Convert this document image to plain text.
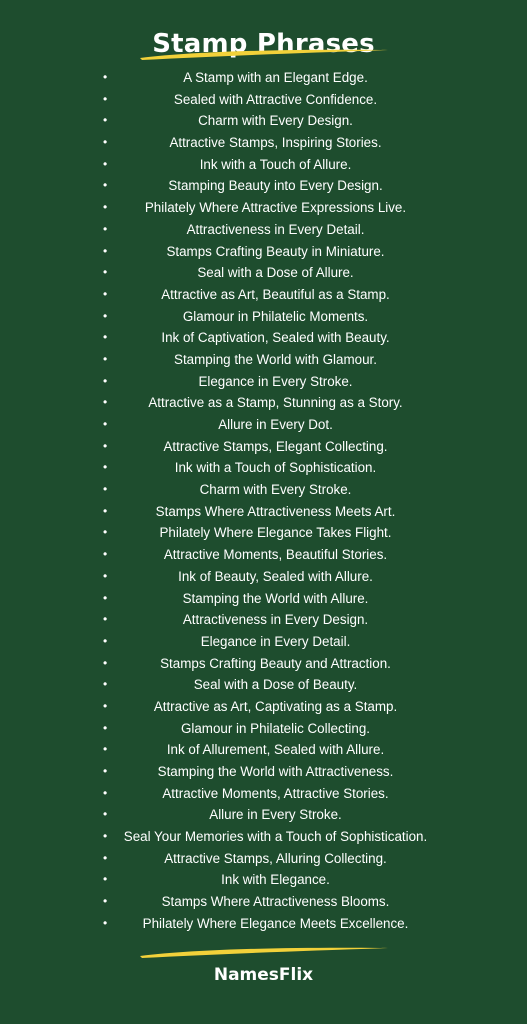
Stamp Phrases
•	A Stamp with an Elegant Edge.
•	Sealed with Attractive Confidence.
•	Charm with Every Design.
•	Attractive Stamps, Inspiring Stories.
•	Ink with a Touch of Allure.
•	Stamping Beauty into Every Design.
•	Philately Where Attractive Expressions Live.
•	Attractiveness in Every Detail.
•	Stamps Crafting Beauty in Miniature.
•	Seal with a Dose of Allure.
•	Attractive as Art, Beautiful as a Stamp.
•	Glamour in Philatelic Moments.
•	Ink of Captivation, Sealed with Beauty.
•	Stamping the World with Glamour.
•	Elegance in Every Stroke.
•	Attractive as a Stamp, Stunning as a Story.
•	Allure in Every Dot.
•	Attractive Stamps, Elegant Collecting.
•	Ink with a Touch of Sophistication.
•	Charm with Every Stroke.
•	Stamps Where Attractiveness Meets Art.
•	Philately Where Elegance Takes Flight.
•	Attractive Moments, Beautiful Stories.
•	Ink of Beauty, Sealed with Allure.
•	Stamping the World with Allure.
•	Attractiveness in Every Design.
•	Elegance in Every Detail.
•	Stamps Crafting Beauty and Attraction.
•	Seal with a Dose of Beauty.
•	Attractive as Art, Captivating as a Stamp.
•	Glamour in Philatelic Collecting.
•	Ink of Allurement, Sealed with Allure.
•	Stamping the World with Attractiveness.
•	Attractive Moments, Attractive Stories.
•	Allure in Every Stroke.
• Seal Your Memories with a Touch of Sophistication.
•	Attractive Stamps, Alluring Collecting.
•	Ink with Elegance.
•	Stamps Where Attractiveness Blooms.
•	Philately Where Elegance Meets Excellence.
NamesFlix
